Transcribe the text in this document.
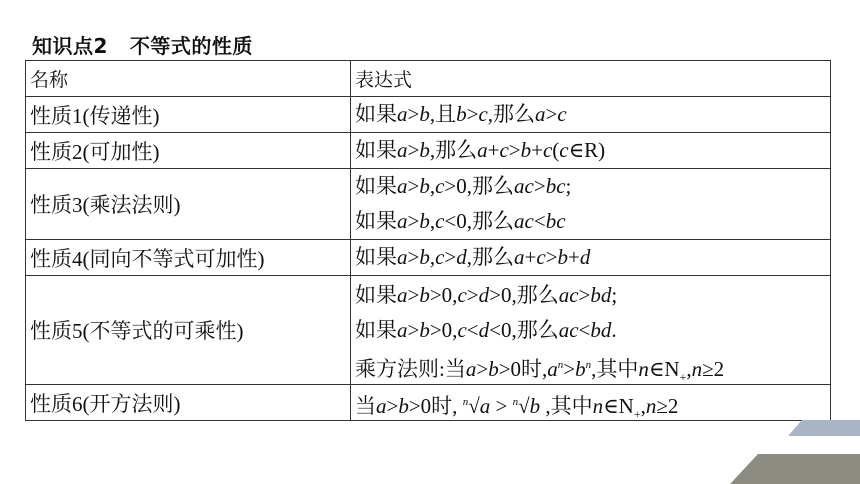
知识点2 不等式的性质
名称	表达式
性质1(传递性)	如果a>b,且b>c,那么a>c

性质2(可加性)	如果a>b,那么a+c>b+c(c∈R)

性质3(乘法法则)	如果a>b,c>0,那么ac>bc;
如果a>b,c<0,那么ac<bc

性质4(同向不等式可加性)	如果a>b,c>d,那么a+c>b+d

性质5(不等式的可乘性)	如果a>b>0,c>d>0,那么ac>bd;
如果a>b>0,c<d<0,那么ac<bd.
乘方法则:当a>b>0时$,a^n>b^n$,其中$n\in N_+,n\ge 2$

性质6(开方法则)	当a>b>0时, $^n$√a > $^n$√b ,其中$n\in N_+,n\ge 2$
